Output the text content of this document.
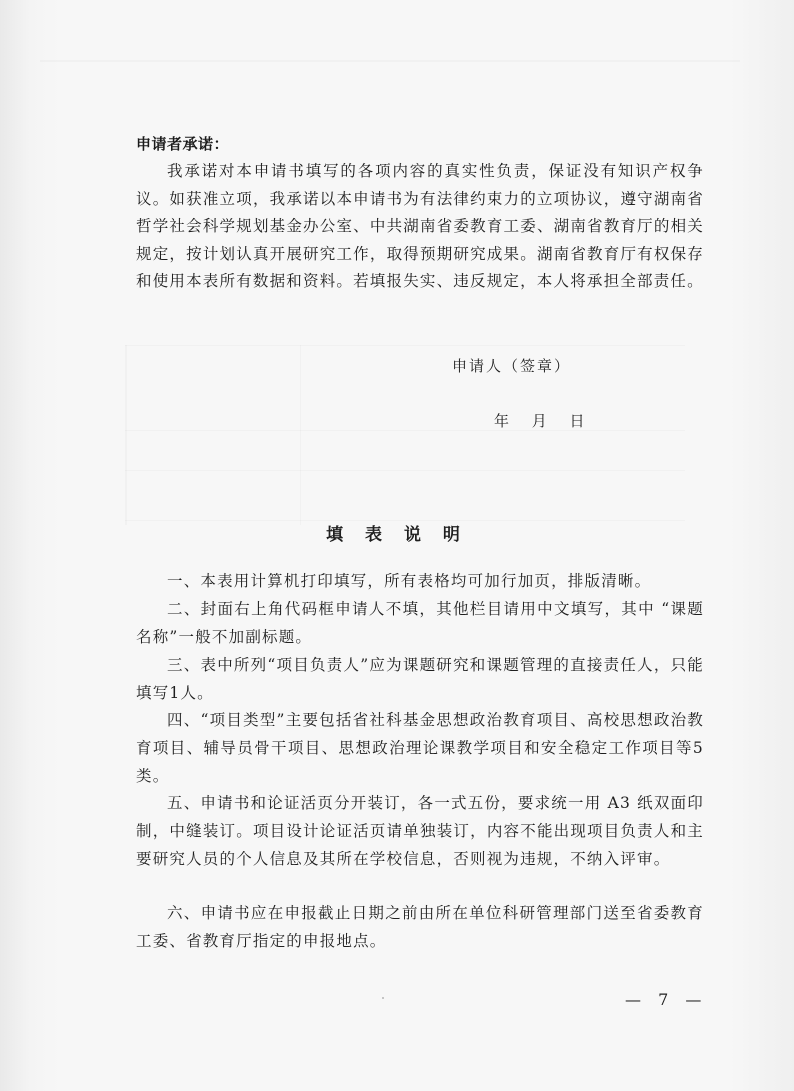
申请者承诺：

我承诺对本申请书填写的各项内容的真实性负责，保证没有知识产权争议。如获准立项，我承诺以本申请书为有法律约束力的立项协议，遵守湖南省哲学社会科学规划基金办公室、中共湖南省委教育工委、湖南省教育厅的相关规定，按计划认真开展研究工作，取得预期研究成果。湖南省教育厅有权保存和使用本表所有数据和资料。若填报失实、违反规定，本人将承担全部责任。

申请人（签章）
年 月 日
填 表 说 明

一、本表用计算机打印填写，所有表格均可加行加页，排版清晰。

二、封面右上角代码框申请人不填，其他栏目请用中文填写，其中 “课题名称”一般不加副标题。

三、表中所列“项目负责人”应为课题研究和课题管理的直接责任人，只能填写1人。

四、“项目类型”主要包括省社科基金思想政治教育项目、高校思想政治教育项目、辅导员骨干项目、思想政治理论课教学项目和安全稳定工作项目等5类。

五、申请书和论证活页分开装订，各一式五份，要求统一用 A3 纸双面印制，中缝装订。项目设计论证活页请单独装订，内容不能出现项目负责人和主要研究人员的个人信息及其所在学校信息，否则视为违规，不纳入评审。

六、申请书应在申报截止日期之前由所在单位科研管理部门送至省委教育工委、省教育厅指定的申报地点。

— 7 —
